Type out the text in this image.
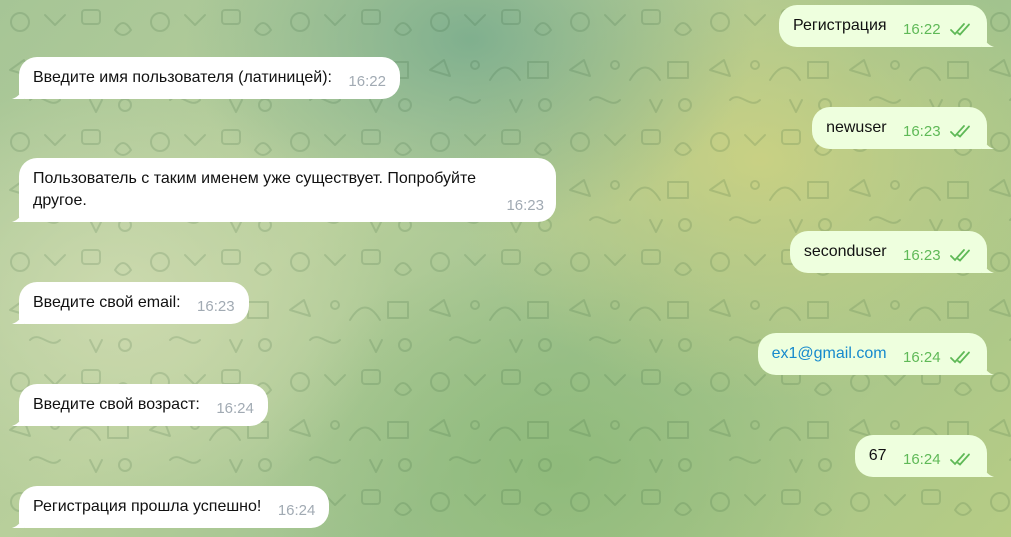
Регистрация 16:22
Введите имя пользователя (латиницей): 16:22
newuser 16:23
Пользователь с таким именем уже существует. Попробуйте
другое.	16:23
seconduser 16:23
Введите свой email: 16:23
ex1@gmail.com 16:24
Введите свой возраст: 16:24
67 16:24
Регистрация прошла успешно! 16:24
